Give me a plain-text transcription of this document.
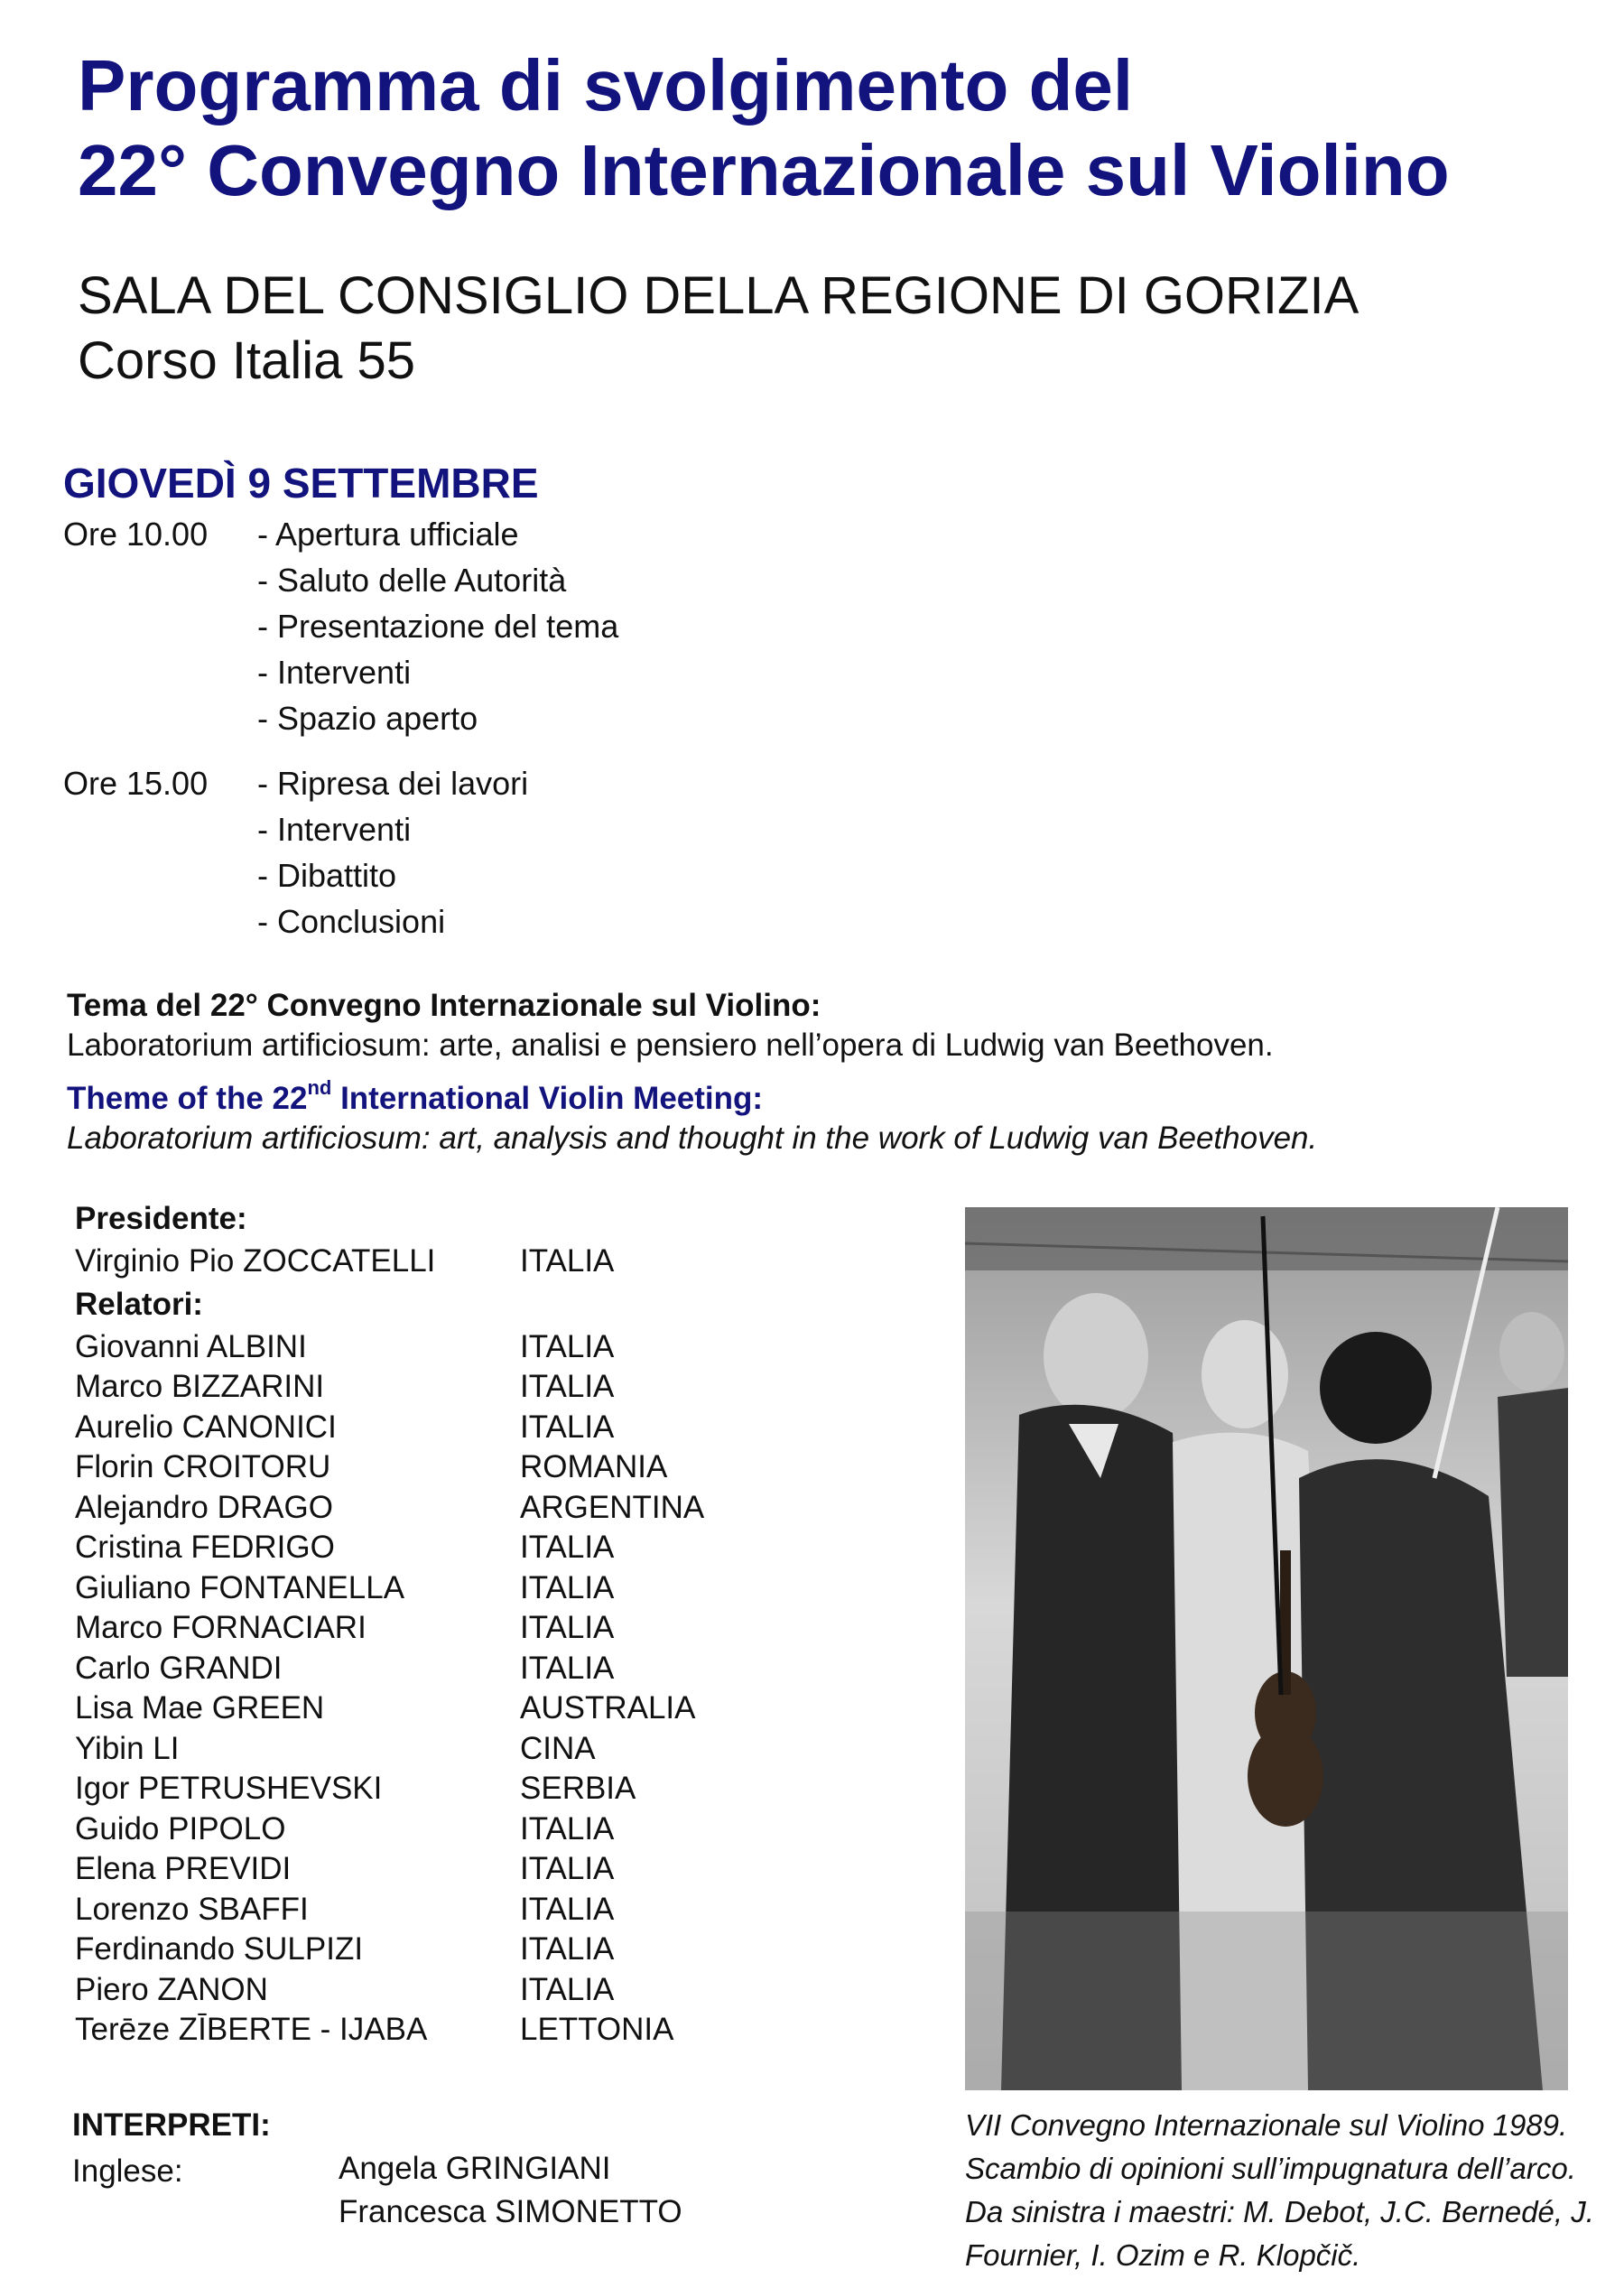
Programma di svolgimento del
22° Convegno Internazionale sul Violino
SALA DEL CONSIGLIO DELLA REGIONE DI GORIZIA
Corso Italia 55
GIOVEDÌ 9 SETTEMBRE
Ore 10.00	- Apertura ufficiale
- Saluto delle Autorità
- Presentazione del tema
- Interventi
- Spazio aperto
Ore 15.00	- Ripresa dei lavori
- Interventi
- Dibattito
- Conclusioni
Tema del 22° Convegno Internazionale sul Violino:
Laboratorium artificiosum: arte, analisi e pensiero nell’opera di Ludwig van Beethoven.
Theme of the 22nd International Violin Meeting:
Laboratorium artificiosum: art, analysis and thought in the work of Ludwig van Beethoven.
Presidente:
Virginio Pio ZOCCATELLI	ITALIA
Relatori:
Giovanni ALBINI	ITALIA
Marco BIZZARINI	ITALIA
Aurelio CANONICI	ITALIA
Florin CROITORU	ROMANIA
Alejandro DRAGO	ARGENTINA
Cristina FEDRIGO	ITALIA
Giuliano FONTANELLA	ITALIA
Marco FORNACIARI	ITALIA
Carlo GRANDI	ITALIA
Lisa Mae GREEN	AUSTRALIA
Yibin LI	CINA
Igor PETRUSHEVSKI	SERBIA
Guido PIPOLO	ITALIA
Elena PREVIDI	ITALIA
Lorenzo SBAFFI	ITALIA
Ferdinando SULPIZI	ITALIA
Piero ZANON	ITALIA
Terēze ZĪBERTE - IJABA	LETTONIA
INTERPRETI:
Inglese:	Angela GRINGIANI
Francesca SIMONETTO
VII Convegno Internazionale sul Violino 1989.
Scambio di opinioni sull’impugnatura dell’arco.
Da sinistra i maestri: M. Debot, J.C. Bernedé, J.
Fournier, I. Ozim e R. Klopčič.
